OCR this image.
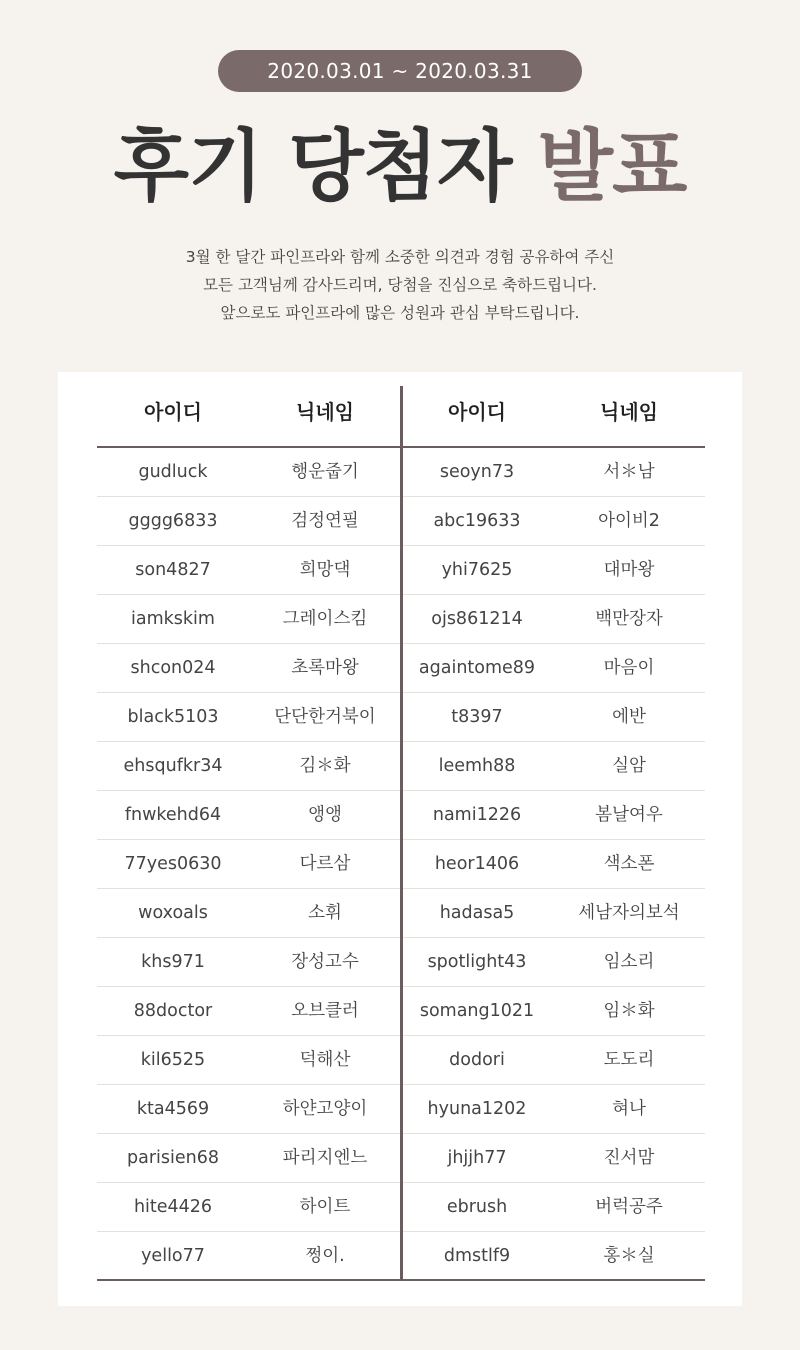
2020.03.01 ~ 2020.03.31
후기 당첨자 발표
3월 한 달간 파인프라와 함께 소중한 의견과 경험 공유하여 주신
모든 고객님께 감사드리며, 당첨을 진심으로 축하드립니다.
앞으로도 파인프라에 많은 성원과 관심 부탁드립니다.
아이디	닉네임	아이디	닉네임
gudluck	행운줍기	seoyn73	서＊남
gggg6833	검정연필	abc19633	아이비2
son4827	희망댁	yhi7625	대마왕
iamkskim	그레이스킴	ojs861214	백만장자
shcon024	초록마왕	againtome89	마음이
black5103	단단한거북이	t8397	에반
ehsqufkr34	김＊화	leemh88	실암
fnwkehd64	앵앵	nami1226	봄날여우
77yes0630	다르삼	heor1406	색소폰
woxoals	소휘	hadasa5	세남자의보석
khs971	장성고수	spotlight43	임소리
88doctor	오브클러	somang1021	임＊화
kil6525	덕해산	dodori	도도리
kta4569	하얀고양이	hyuna1202	혀나
parisien68	파리지엔느	jhjjh77	진서맘
hite4426	하이트	ebrush	버럭공주
yello77	쩡이.	dmstlf9	홍＊실
